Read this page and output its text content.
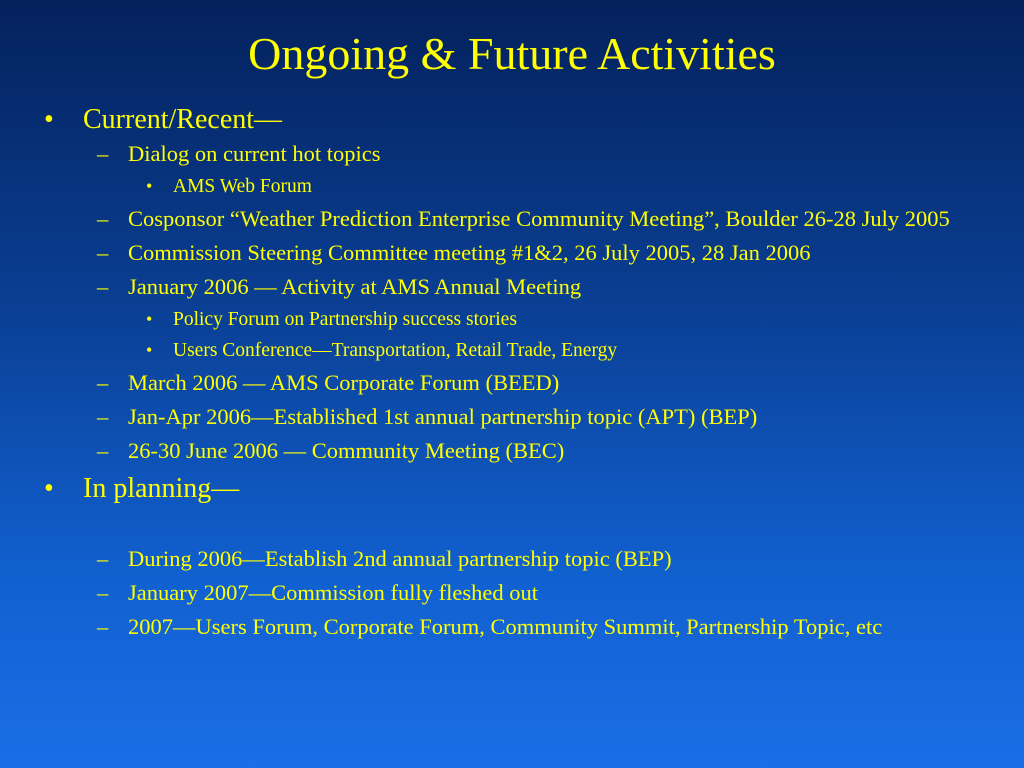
Ongoing & Future Activities
• Current/Recent—
– Dialog on current hot topics
• AMS Web Forum
– Cosponsor “Weather Prediction Enterprise Community Meeting”, Boulder 26-28 July 2005
– Commission Steering Committee meeting #1&2, 26 July 2005, 28 Jan 2006
– January 2006 — Activity at AMS Annual Meeting
• Policy Forum on Partnership success stories
• Users Conference—Transportation, Retail Trade, Energy
– March 2006 — AMS Corporate Forum (BEED)
– Jan-Apr 2006—Established 1st annual partnership topic (APT) (BEP)
– 26-30 June 2006 — Community Meeting (BEC)
• In planning—
– During 2006—Establish 2nd annual partnership topic (BEP)
– January 2007—Commission fully fleshed out
– 2007—Users Forum, Corporate Forum, Community Summit, Partnership Topic, etc
